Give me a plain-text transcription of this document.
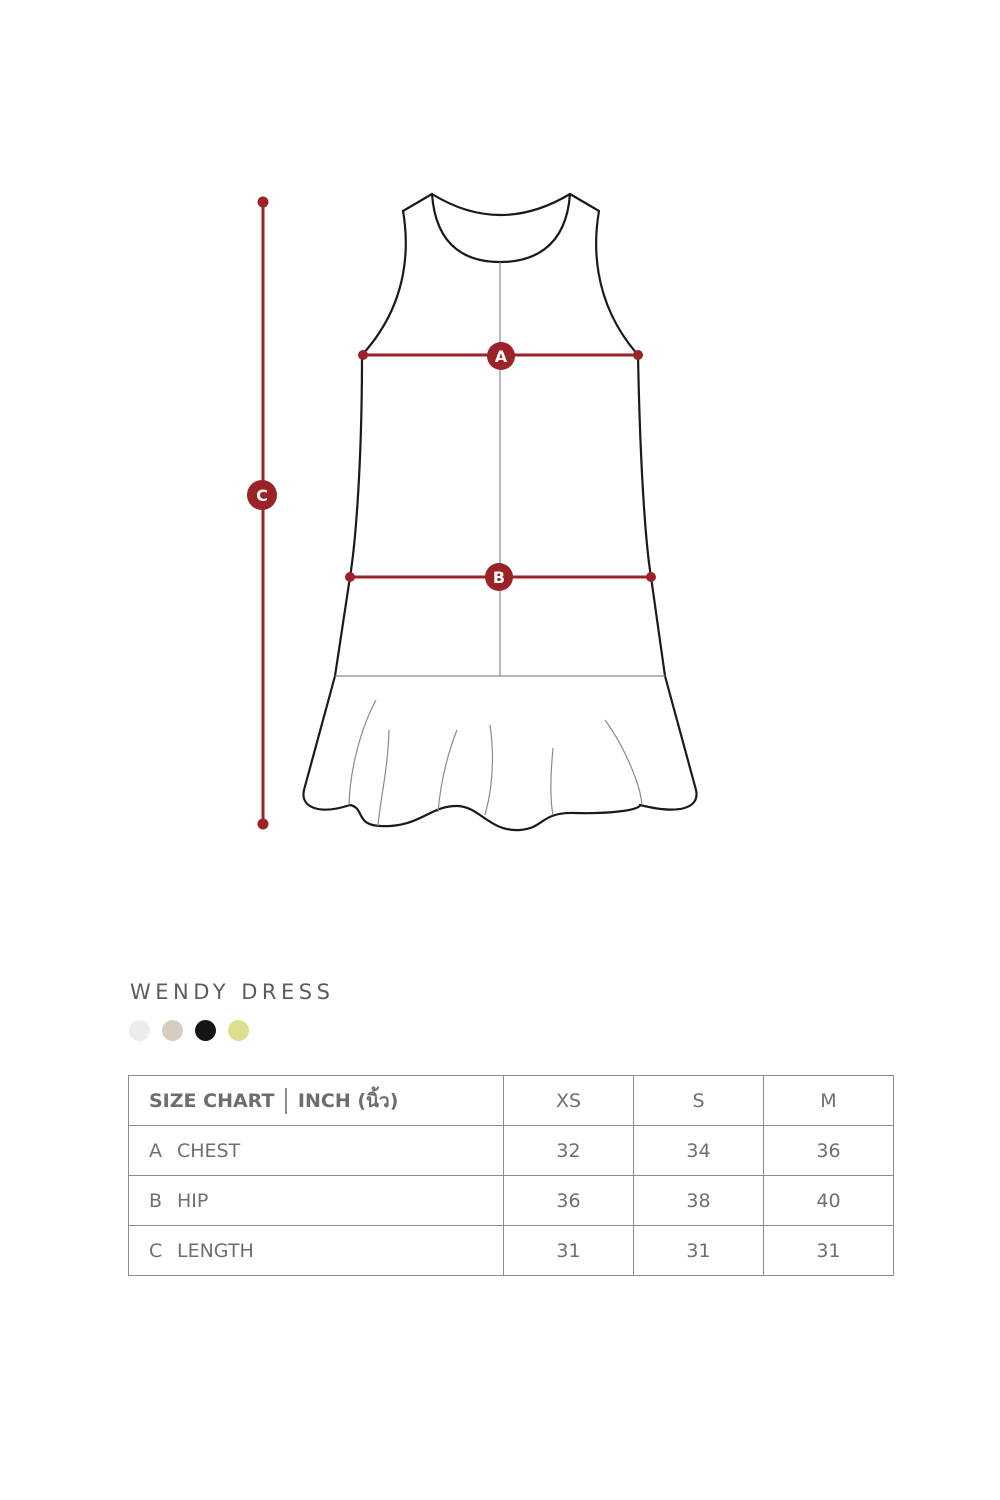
A
B
C
WENDY DRESS
SIZE CHART INCH (นิ้ว)	XS	S	M
A CHEST	32	34	36
B HIP	36	38	40
C LENGTH	31	31	31
